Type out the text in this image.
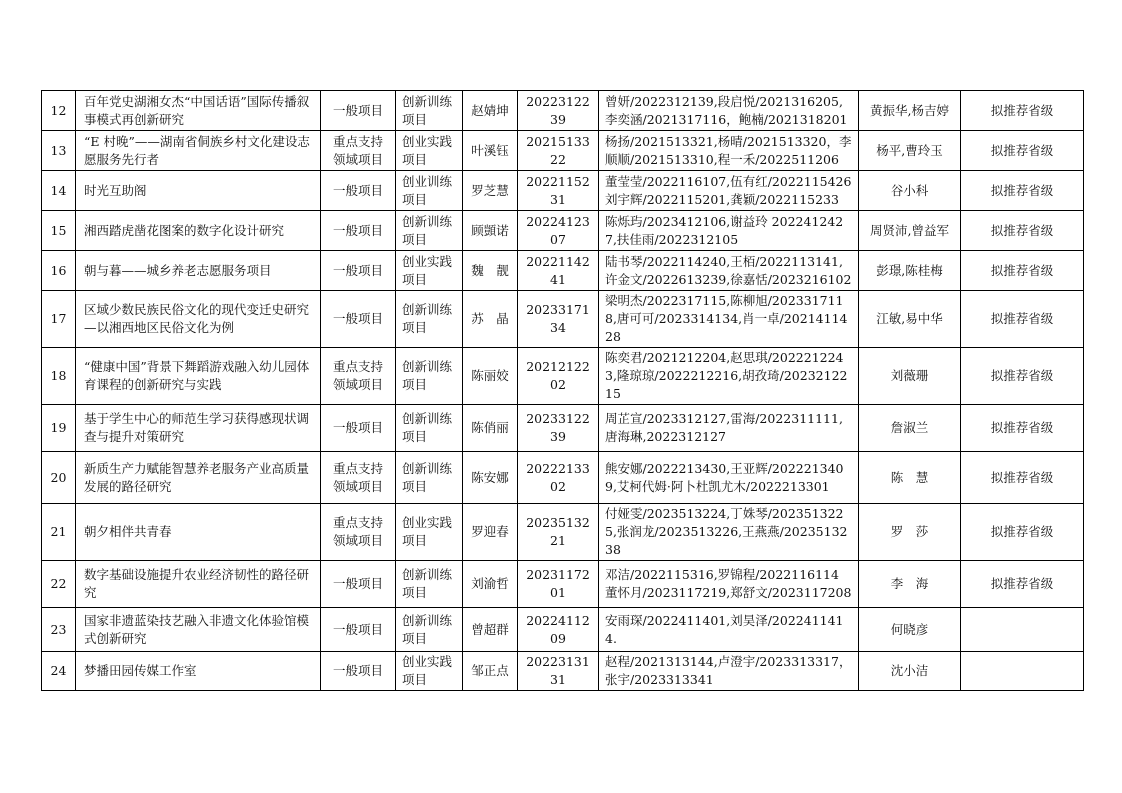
12	百年党史湖湘女杰“中国话语”国际传播叙事模式再创新研究	一般项目	创新训练项目	赵婧坤	2022312239	曾妍/2022312139,段启悦/2021316205,李奕涵/2021317116，鲍楠/2021318201	黄振华,杨吉婷	拟推荐省级
13	“E 村晚”——湖南省侗族乡村文化建设志愿服务先行者	重点支持领域项目	创业实践项目	叶溪钰	2021513322	杨扬/2021513321,杨晴/2021513320，李顺顺/2021513310,程一禾/2022511206	杨平,曹玲玉	拟推荐省级
14	时光互助阁	一般项目	创业训练项目	罗芝慧	2022115231	董莹莹/2022116107,伍有红/2022115426 刘宇辉/2022115201,龚颖/2022115233	谷小科	拟推荐省级
15	湘西踏虎凿花图案的数字化设计研究	一般项目	创新训练项目	顾顗诺	2022412307	陈烁玙/2023412106,谢益玲 2022412427,扶佳雨/2022312105	周贤沛,曾益军	拟推荐省级
16	朝与暮——城乡养老志愿服务项目	一般项目	创业实践项目	魏　靓	2022114241	陆书琴/2022114240,王栢/2022113141,许金文/2022613239,徐嘉恬/2023216102	彭璟,陈桂梅	拟推荐省级
17	区域少数民族民俗文化的现代变迁史研究—以湘西地区民俗文化为例	一般项目	创新训练项目	苏　晶	2023317134	梁明杰/2022317115,陈柳旭/2023317118,唐可可/2023314134,肖一卓/2021411428	江敏,易中华	拟推荐省级
18	“健康中国”背景下舞蹈游戏融入幼儿园体育课程的创新研究与实践	重点支持领域项目	创新训练项目	陈丽姣	2021212202	陈奕君/2021212204,赵思琪/2022212243,隆琼琼/2022212216,胡孜琦/2023212215	刘薇珊	拟推荐省级
19	基于学生中心的师范生学习获得感现状调查与提升对策研究	一般项目	创新训练项目	陈俏丽	2023312239	周芷宣/2023312127,雷海/2022311111,唐海琳,2022312127	詹淑兰	拟推荐省级
20	新质生产力赋能智慧养老服务产业高质量发展的路径研究	重点支持领域项目	创新训练项目	陈安娜	2022213302	熊安娜/2022213430,王亚辉/2022213409,艾柯代姆·阿卜杜凯尤木/2022213301	陈　慧	拟推荐省级
21	朝夕相伴共青春	重点支持领域项目	创业实践项目	罗迎春	2023513221	付娅雯/2023513224,丁姝琴/2023513225,张润龙/2023513226,王燕燕/2023513238	罗　莎	拟推荐省级
22	数字基础设施提升农业经济韧性的路径研究	一般项目	创新训练项目	刘渝哲	2023117201	邓洁/2022115316,罗锦程/2022116114　董怀月/2023117219,郑舒文/2023117208	李　海	拟推荐省级
23	国家非遗蓝染技艺融入非遗文化体验馆模式创新研究	一般项目	创新训练项目	曾超群	2022411209	安雨琛/2022411401,刘昊泽/2022411414.	何晓彦	
24	梦播田园传媒工作室	一般项目	创业实践项目	邹正点	2022313131	赵程/2021313144,卢澄宇/2023313317，张宇/2023313341	沈小洁	
